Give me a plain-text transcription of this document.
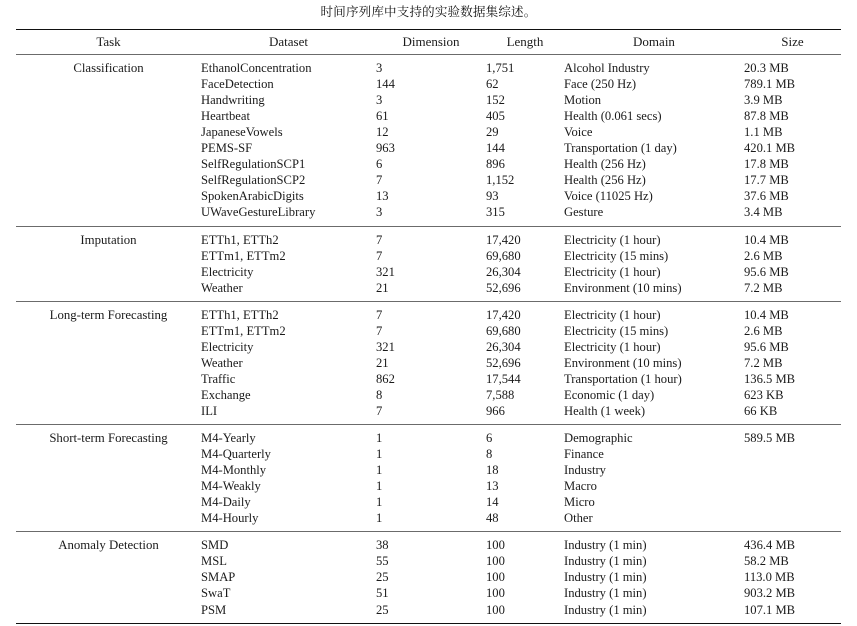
时间序列库中支持的实验数据集综述。
Task	Dataset	Dimension	Length	Domain	Size
Classification	EthanolConcentration	3	1,751	Alcohol Industry	20.3 MB
	FaceDetection	144	62	Face (250 Hz)	789.1 MB
	Handwriting	3	152	Motion	3.9 MB
	Heartbeat	61	405	Health (0.061 secs)	87.8 MB
	JapaneseVowels	12	29	Voice	1.1 MB
	PEMS-SF	963	144	Transportation (1 day)	420.1 MB
	SelfRegulationSCP1	6	896	Health (256 Hz)	17.8 MB
	SelfRegulationSCP2	7	1,152	Health (256 Hz)	17.7 MB
	SpokenArabicDigits	13	93	Voice (11025 Hz)	37.6 MB
	UWaveGestureLibrary	3	315	Gesture	3.4 MB
Imputation	ETTh1, ETTh2	7	17,420	Electricity (1 hour)	10.4 MB
	ETTm1, ETTm2	7	69,680	Electricity (15 mins)	2.6 MB
	Electricity	321	26,304	Electricity (1 hour)	95.6 MB
	Weather	21	52,696	Environment (10 mins)	7.2 MB
Long-term Forecasting	ETTh1, ETTh2	7	17,420	Electricity (1 hour)	10.4 MB
	ETTm1, ETTm2	7	69,680	Electricity (15 mins)	2.6 MB
	Electricity	321	26,304	Electricity (1 hour)	95.6 MB
	Weather	21	52,696	Environment (10 mins)	7.2 MB
	Traffic	862	17,544	Transportation (1 hour)	136.5 MB
	Exchange	8	7,588	Economic (1 day)	623 KB
	ILI	7	966	Health (1 week)	66 KB
Short-term Forecasting	M4-Yearly	1	6	Demographic	589.5 MB
	M4-Quarterly	1	8	Finance	
	M4-Monthly	1	18	Industry	
	M4-Weakly	1	13	Macro	
	M4-Daily	1	14	Micro	
	M4-Hourly	1	48	Other	
Anomaly Detection	SMD	38	100	Industry (1 min)	436.4 MB
	MSL	55	100	Industry (1 min)	58.2 MB
	SMAP	25	100	Industry (1 min)	113.0 MB
	SwaT	51	100	Industry (1 min)	903.2 MB
	PSM	25	100	Industry (1 min)	107.1 MB
